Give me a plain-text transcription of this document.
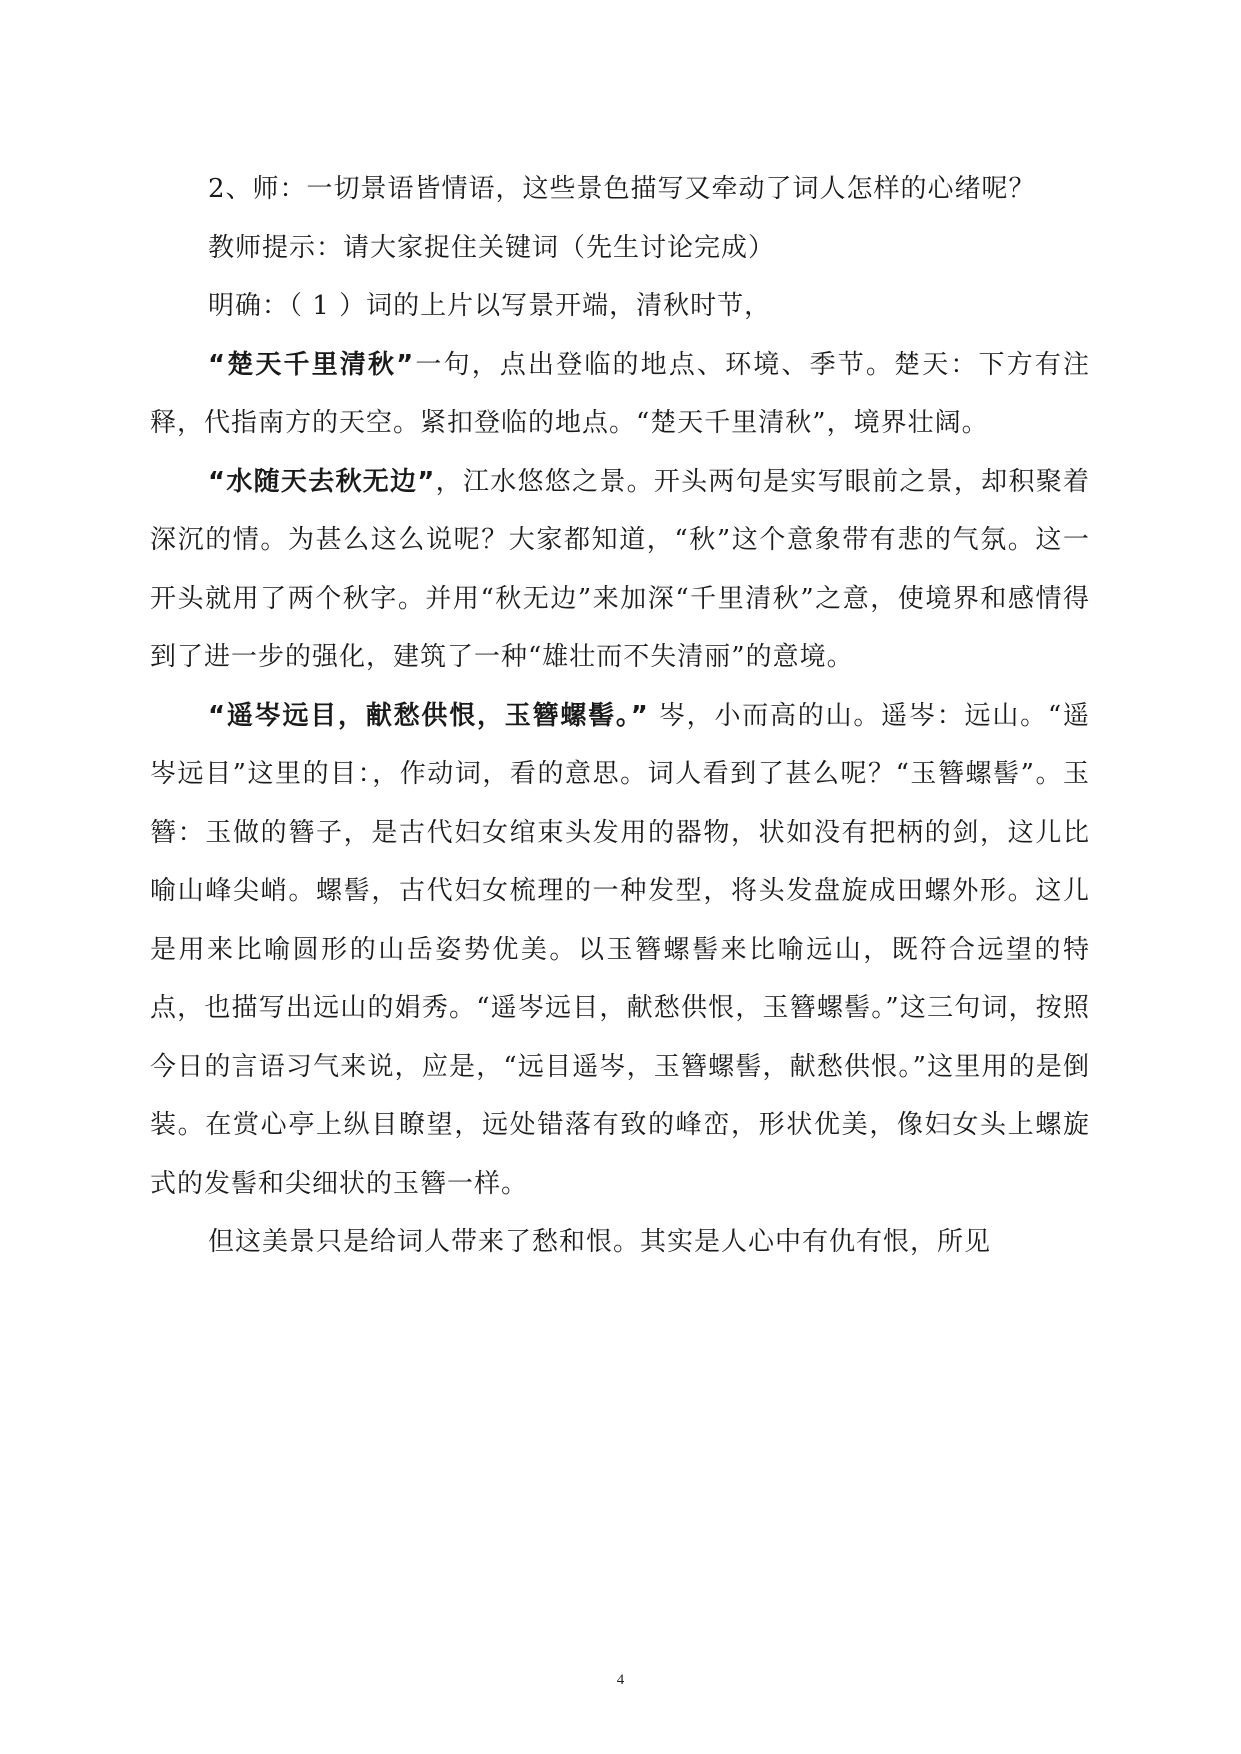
2、师：一切景语皆情语，这些景色描写又牵动了词人怎样的心绪呢？

教师提示：请大家捉住关键词（先生讨论完成）

明确：（ 1 ）词的上片以写景开端，清秋时节，

“楚天千里清秋”一句，点出登临的地点、环境、季节。楚天：下方有注释，代指南方的天空。紧扣登临的地点。“楚天千里清秋”，境界壮阔。

“水随天去秋无边”，江水悠悠之景。开头两句是实写眼前之景，却积聚着深沉的情。为甚么这么说呢？大家都知道，“秋”这个意象带有悲的气氛。这一开头就用了两个秋字。并用“秋无边”来加深“千里清秋”之意，使境界和感情得到了进一步的强化，建筑了一种“雄壮而不失清丽”的意境。

“遥岑远目，献愁供恨，玉簪螺髻。” 岑，小而高的山。遥岑：远山。“遥岑远目”这里的目：，作动词，看的意思。词人看到了甚么呢？“玉簪螺髻”。玉簪：玉做的簪子，是古代妇女绾束头发用的器物，状如没有把柄的剑，这儿比喻山峰尖峭。螺髻，古代妇女梳理的一种发型，将头发盘旋成田螺外形。这儿是用来比喻圆形的山岳姿势优美。以玉簪螺髻来比喻远山，既符合远望的特点，也描写出远山的娟秀。“遥岑远目，献愁供恨，玉簪螺髻。”这三句词，按照今日的言语习气来说，应是，“远目遥岑，玉簪螺髻，献愁供恨。”这里用的是倒装。在赏心亭上纵目瞭望，远处错落有致的峰峦，形状优美，像妇女头上螺旋式的发髻和尖细状的玉簪一样。

但这美景只是给词人带来了愁和恨。其实是人心中有仇有恨，所见

4
